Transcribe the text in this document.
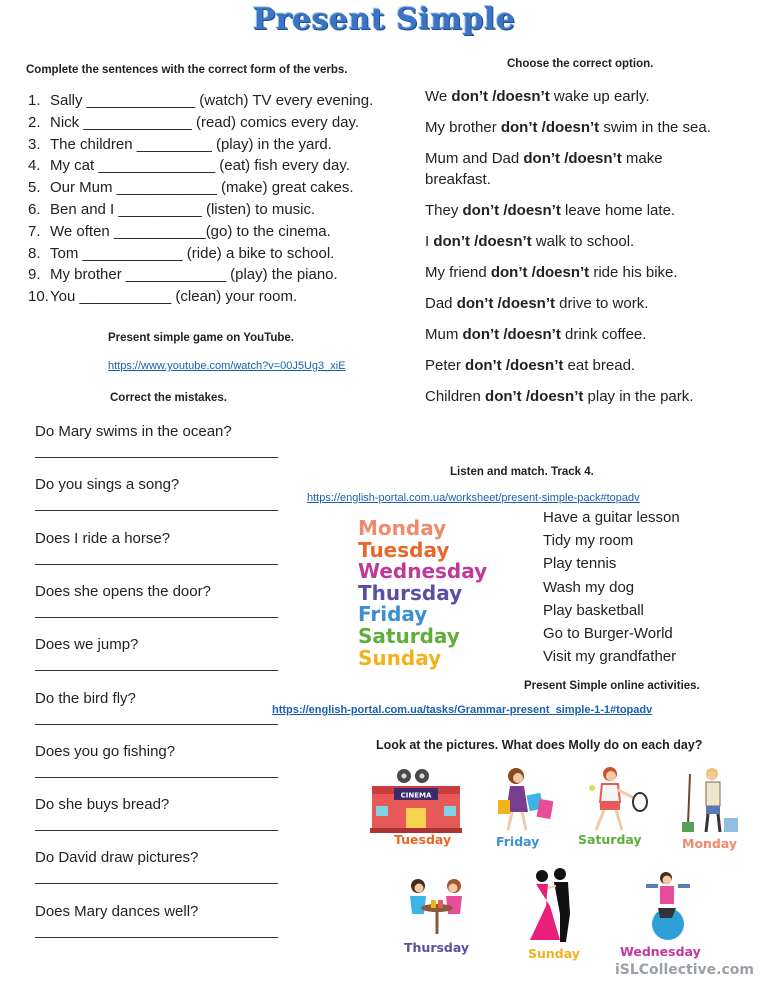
Present Simple
Complete the sentences with the correct form of the verbs.
1. Sally _____________ (watch) TV every evening.
2. Nick _____________ (read) comics every day.
3. The children _________ (play) in the yard.
4. My cat ______________ (eat) fish every day.
5. Our Mum ____________ (make) great cakes.
6. Ben and I __________ (listen) to music.
7. We often ___________(go) to the cinema.
8. Tom ____________ (ride) a bike to school.
9. My brother ____________ (play) the piano.
10.You ___________ (clean) your room.
Present simple game on YouTube.
https://www.youtube.com/watch?v=00J5Ug3_xiE
Choose the correct option.
We don’t /doesn’t wake up early.
My brother don’t /doesn’t swim in the sea.
Mum and Dad don’t /doesn’t make
They don’t /doesn’t leave home late.
I don’t /doesn’t walk to school.
My friend don’t /doesn’t ride his bike.
Dad don’t /doesn’t drive to work.
Mum don’t /doesn’t drink coffee.
Peter don’t /doesn’t eat bread.
Children don’t /doesn’t play in the park.
breakfast.
Correct the mistakes.
Do Mary swims in the ocean?
Do you sings a song?
Does I ride a horse?
Does she opens the door?
Does we jump?
Do the bird fly?
Does you go fishing?
Do she buys bread?
Do David draw pictures?
Does Mary dances well?
Listen and match. Track 4.
https://english-portal.com.ua/worksheet/present-simple-pack#topadv
Monday
Tuesday
Wednesday
Thursday
Friday
Saturday
Sunday
Have a guitar lesson
Tidy my room
Play tennis
Wash my dog
Play basketball
Go to Burger-World
Visit my grandfather
Present Simple online activities.
https://english-portal.com.ua/tasks/Grammar-present_simple-1-1#topadv
Look at the pictures. What does Molly do on each day?
CINEMA
Tuesday	Friday	Saturday	Monday
Thursday	Sunday	Wednesday
iSLCollective.com
